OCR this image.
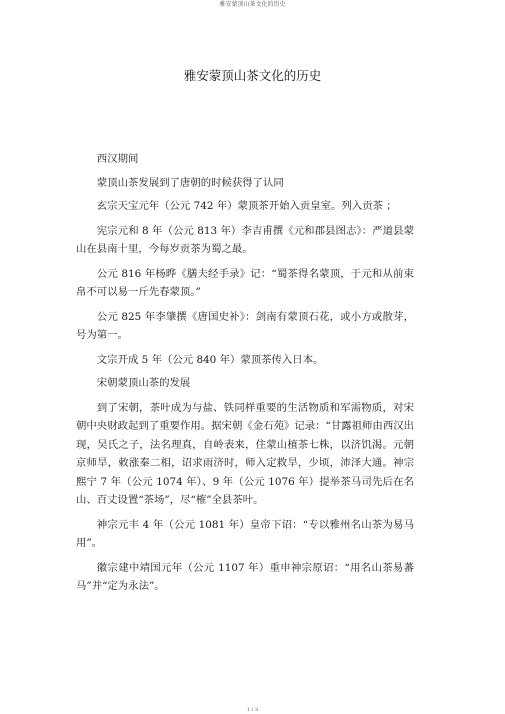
雅安蒙顶山茶文化的历史
雅安蒙顶山茶文化的历史

西汉期间

蒙顶山茶发展到了唐朝的时候获得了认同

玄宗天宝元年（公元 742 年）蒙顶茶开始入贡皇室。列入贡茶 ；

宪宗元和 8 年（公元 813 年）李吉甫撰《元和郡县图志》：严道县蒙山在县南十里，今每岁贡茶为蜀之最。

公元 816 年杨晔《膳夫经手录》记：“蜀茶得名蒙顶，于元和从前束帛不可以易一斤先春蒙顶。”

公元 825 年李肇撰《唐国史补》：剑南有蒙顶石花，或小方或散芽，号为第一。

文宗开成 5 年（公元 840 年）蒙顶茶传入日本。

宋朝蒙顶山茶的发展

到了宋朝，茶叶成为与盐、铁同样重要的生活物质和军需物质，对宋朝中央财政起到了重要作用。据宋朝《金石苑》记录：“甘露祖师由西汉出现，吴氏之子，法名理真，自岭表来，住蒙山植茶七株，以济饥渴。元朝京师旱，敕涨秦二相，诏求雨济时，师入定救旱，少顷，沛泽大通。神宗熙宁 7 年（公元 1074 年）、9 年（公元 1076 年）提举茶马司先后在名山、百丈设置“茶场”，尽“榷”全县茶叶。

神宗元丰 4 年（公元 1081 年）皇帝下诏：“专以雅州名山茶为易马用”。

徽宗建中靖国元年（公元 1107 年）重申神宗原诏：“用名山茶易蕃马”并“定为永法”。

1 / 3
